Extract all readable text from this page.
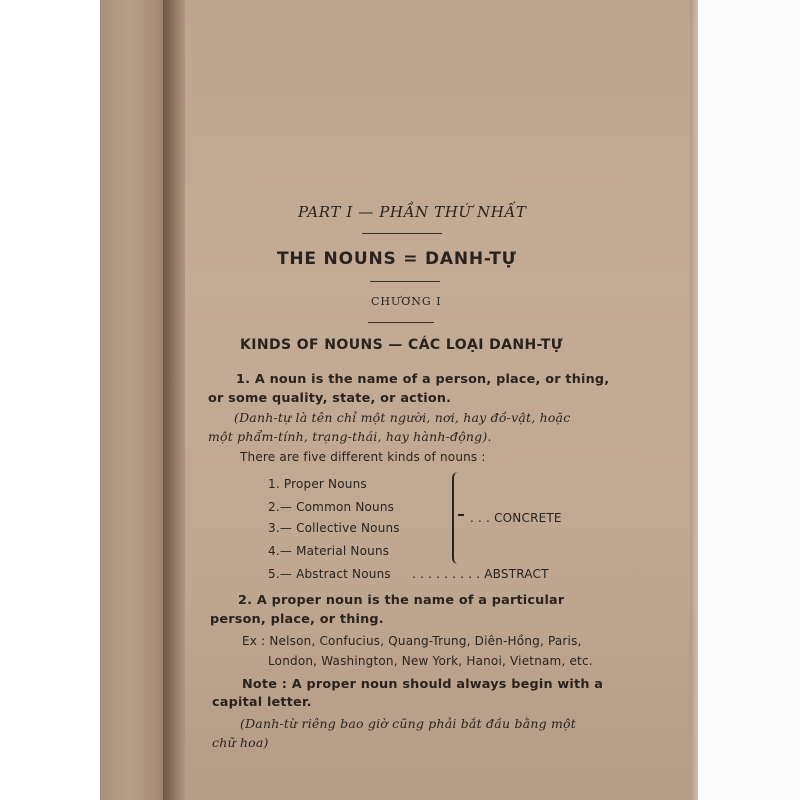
PART I — PHẦN THỨ NHẤT
THE NOUNS = DANH-TỰ
CHƯƠNG I
KINDS OF NOUNS — CÁC LOẠI DANH-TỰ
1. A noun is the name of a person, place, or thing,
or some quality, state, or action.
(Danh-tự là tên chỉ một người, nơi, hay đồ-vật, hoặc
một phẩm-tính, trạng-thái, hay hành-động).
There are five different kinds of nouns :
1. Proper Nouns
2.— Common Nouns
3.— Collective Nouns
4.— Material Nouns
5.— Abstract Nouns
. . . CONCRETE
. . . . . . . . . ABSTRACT
2. A proper noun is the name of a particular
person, place, or thing.
Ex : Nelson, Confucius, Quang-Trung, Diên-Hồng, Paris,
London, Washington, New York, Hanoi, Vietnam, etc.
Note : A proper noun should always begin with a
capital letter.
(Danh-từ riêng bao giờ cũng phải bắt đầu bằng một
chữ hoa)
